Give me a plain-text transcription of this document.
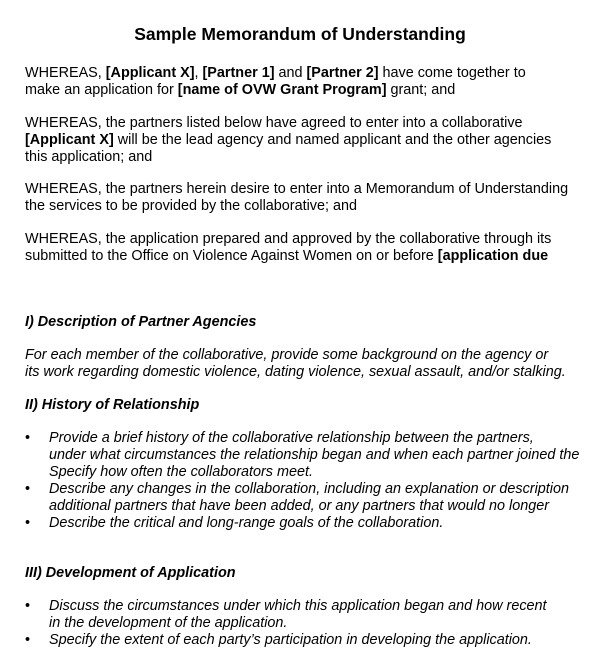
Sample Memorandum of Understanding
WHEREAS, [Applicant X], [Partner 1] and [Partner 2] have come together to
make an application for [name of OVW Grant Program] grant; and
WHEREAS, the partners listed below have agreed to enter into a collaborative
[Applicant X] will be the lead agency and named applicant and the other agencies
this application; and
WHEREAS, the partners herein desire to enter into a Memorandum of Understanding
the services to be provided by the collaborative; and
WHEREAS, the application prepared and approved by the collaborative through its
submitted to the Office on Violence Against Women on or before [application due
I) Description of Partner Agencies
For each member of the collaborative, provide some background on the agency or
its work regarding domestic violence, dating violence, sexual assault, and/or stalking.
II) History of Relationship
•	Provide a brief history of the collaborative relationship between the partners,
under what circumstances the relationship began and when each partner joined the
Specify how often the collaborators meet.
•	Describe any changes in the collaboration, including an explanation or description
additional partners that have been added, or any partners that would no longer
•	Describe the critical and long-range goals of the collaboration.
III) Development of Application
•	Discuss the circumstances under which this application began and how recent
in the development of the application.
•	Specify the extent of each party’s participation in developing the application.
